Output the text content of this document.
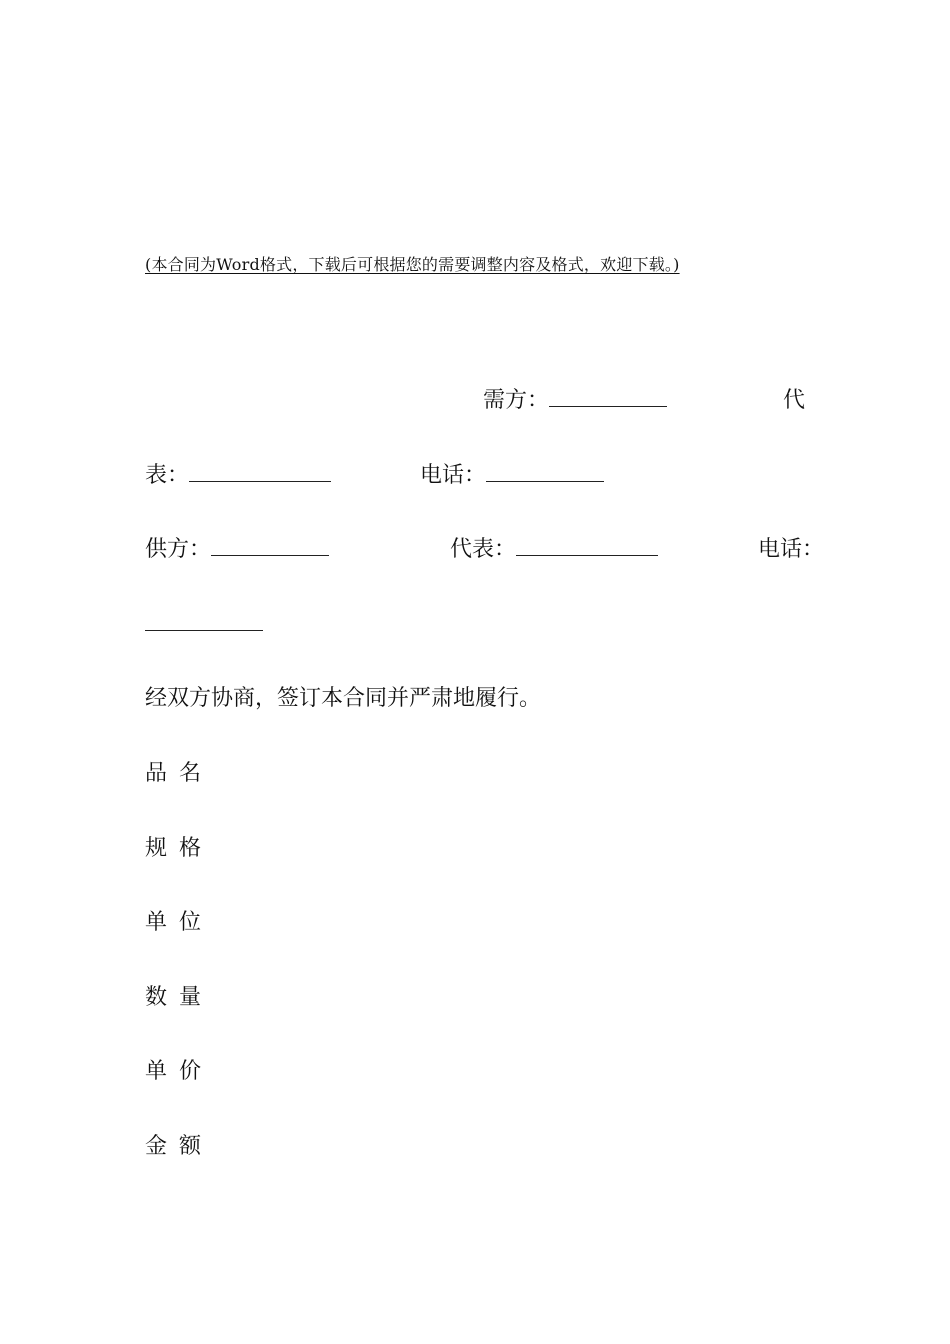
(本合同为Word格式，下载后可根据您的需要调整内容及格式，欢迎下载。)
需方：	代
表：	电话：
供方：	代表：	电话：
经双方协商，签订本合同并严肃地履行。
品名
规格
单位
数量
单价
金额
